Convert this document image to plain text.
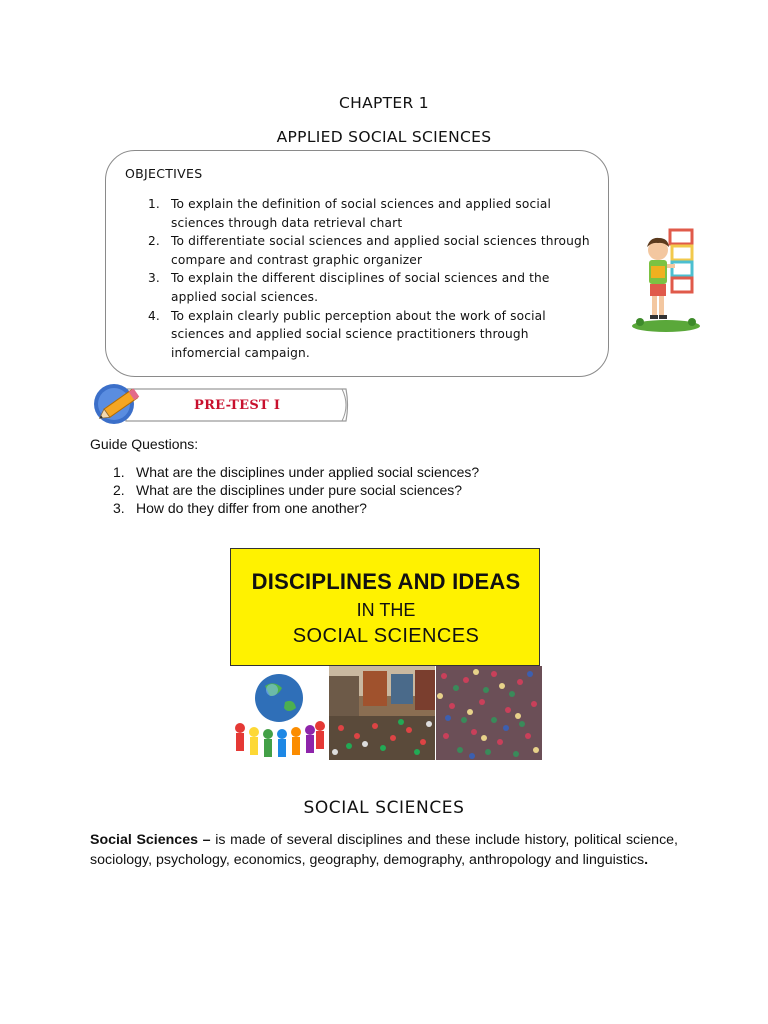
CHAPTER 1
APPLIED SOCIAL SCIENCES
OBJECTIVES
1. To explain the definition of social sciences and applied social sciences through data retrieval chart
2. To differentiate social sciences and applied social sciences through compare and contrast graphic organizer
3. To explain the different disciplines of social sciences and the applied social sciences.
4. To explain clearly public perception about the work of social sciences and applied social science practitioners through infomercial campaign.
PRE-TEST I
Guide Questions:
1. What are the disciplines under applied social sciences?
2. What are the disciplines under pure social sciences?
3. How do they differ from one another?
DISCIPLINES AND IDEAS
IN THE
SOCIAL SCIENCES
SOCIAL SCIENCES

Social Sciences – is made of several disciplines and these include history, political science, sociology, psychology, economics, geography, demography, anthropology and linguistics.
